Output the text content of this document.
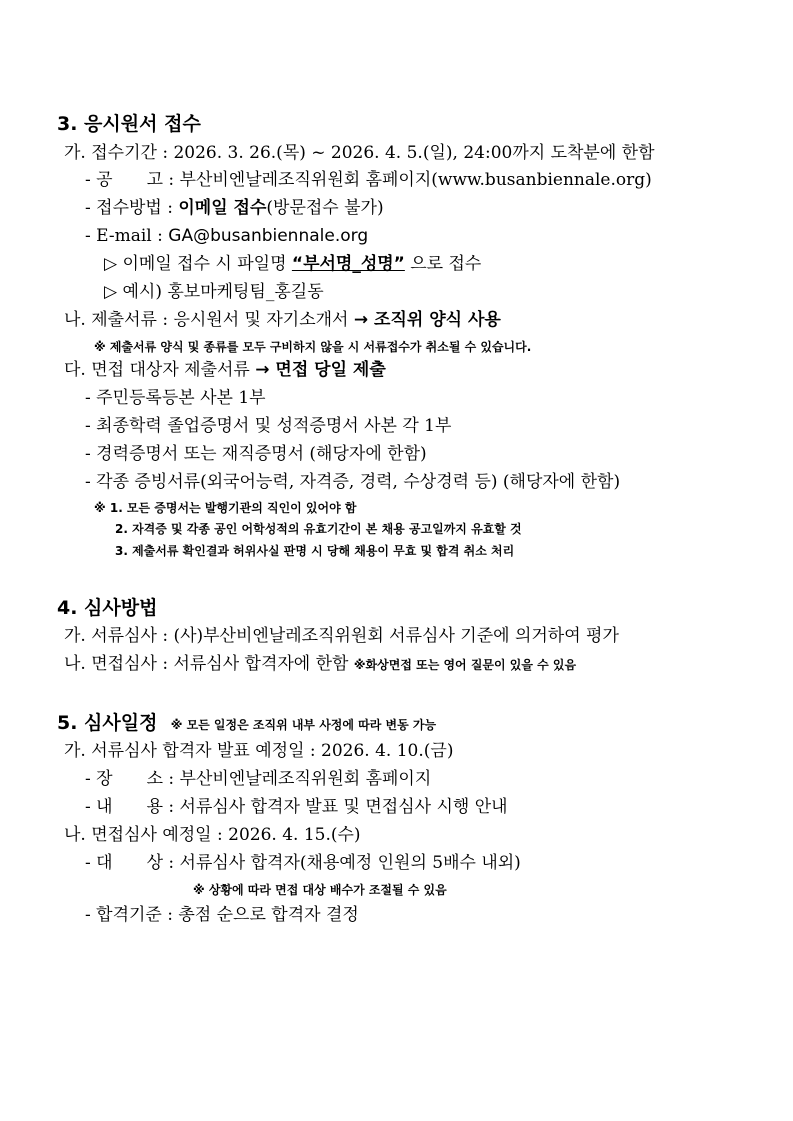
3. 응시원서 접수
가. 접수기간 : 2026. 3. 26.(목) ~ 2026. 4. 5.(일), 24:00까지 도착분에 한함
- 공　　고 : 부산비엔날레조직위원회 홈페이지(www.busanbiennale.org)
- 접수방법 : 이메일 접수(방문접수 불가)
- E-mail : GA@busanbiennale.org
▷ 이메일 접수 시 파일명 “부서명_성명” 으로 접수
▷ 예시) 홍보마케팅팀_홍길동
나. 제출서류 : 응시원서 및 자기소개서 → 조직위 양식 사용
※ 제출서류 양식 및 종류를 모두 구비하지 않을 시 서류접수가 취소될 수 있습니다.
다. 면접 대상자 제출서류 → 면접 당일 제출
- 주민등록등본 사본 1부
- 최종학력 졸업증명서 및 성적증명서 사본 각 1부
- 경력증명서 또는 재직증명서 (해당자에 한함)
- 각종 증빙서류(외국어능력, 자격증, 경력, 수상경력 등) (해당자에 한함)
※ 1. 모든 증명서는 발행기관의 직인이 있어야 함
2. 자격증 및 각종 공인 어학성적의 유효기간이 본 채용 공고일까지 유효할 것
3. 제출서류 확인결과 허위사실 판명 시 당해 채용이 무효 및 합격 취소 처리
4. 심사방법
가. 서류심사 : (사)부산비엔날레조직위원회 서류심사 기준에 의거하여 평가
나. 면접심사 : 서류심사 합격자에 한함 ※화상면접 또는 영어 질문이 있을 수 있음
5. 심사일정 ※ 모든 일정은 조직위 내부 사정에 따라 변동 가능
가. 서류심사 합격자 발표 예정일 : 2026. 4. 10.(금)
- 장　　소 : 부산비엔날레조직위원회 홈페이지
- 내　　용 : 서류심사 합격자 발표 및 면접심사 시행 안내
나. 면접심사 예정일 : 2026. 4. 15.(수)
- 대　　상 : 서류심사 합격자(채용예정 인원의 5배수 내외)
※ 상황에 따라 면접 대상 배수가 조절될 수 있음
- 합격기준 : 총점 순으로 합격자 결정
